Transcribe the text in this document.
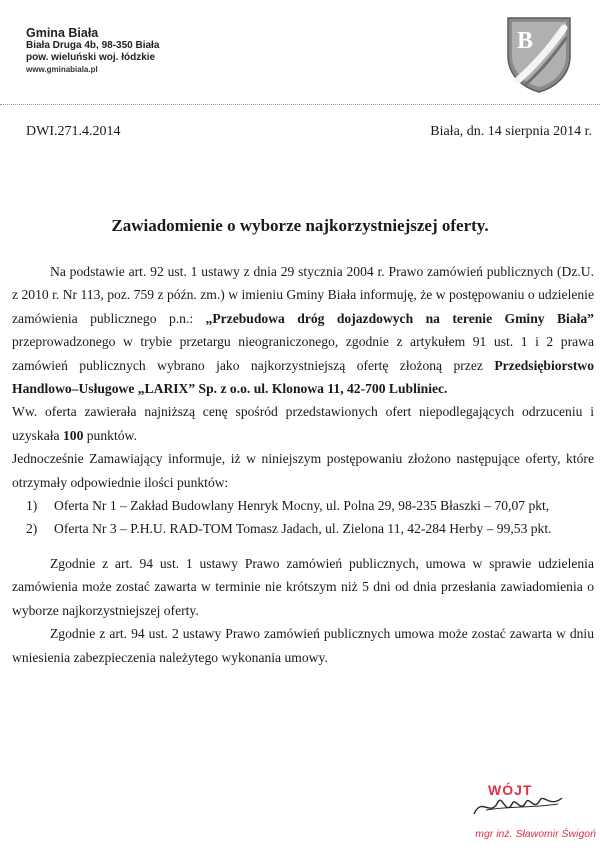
Gmina Biała
Biała Druga 4b, 98-350 Biała
pow. wieluński woj. łódzkie
www.gminabiala.pl
B
DWI.271.4.2014	Biała, dn. 14 sierpnia 2014 r.
Zawiadomienie o wyborze najkorzystniejszej oferty.

Na podstawie art. 92 ust. 1 ustawy z dnia 29 stycznia 2004 r. Prawo zamówień publicznych (Dz.U. z 2010 r. Nr 113, poz. 759 z późn. zm.) w imieniu Gminy Biała informuję, że w postępowaniu o udzielenie zamówienia publicznego p.n.: „Przebudowa dróg dojazdowych na terenie Gminy Biała” przeprowadzonego w trybie przetargu nieograniczonego, zgodnie z artykułem 91 ust. 1 i 2 prawa zamówień publicznych wybrano jako najkorzystniejszą ofertę złożoną przez Przedsiębiorstwo Handlowo–Usługowe „LARIX” Sp. z o.o. ul. Klonowa 11, 42-700 Lubliniec.

Ww. oferta zawierała najniższą cenę spośród przedstawionych ofert niepodlegających odrzuceniu i uzyskała 100 punktów.

Jednocześnie Zamawiający informuje, iż w niniejszym postępowaniu złożono następujące oferty, które otrzymały odpowiednie ilości punktów:

1)	Oferta Nr 1 – Zakład Budowlany Henryk Mocny, ul. Polna 29, 98-235 Błaszki – 70,07 pkt,
2)	Oferta Nr 3 – P.H.U. RAD-TOM Tomasz Jadach, ul. Zielona 11, 42-284 Herby – 99,53 pkt.

Zgodnie z art. 94 ust. 1 ustawy Prawo zamówień publicznych, umowa w sprawie udzielenia zamówienia może zostać zawarta w terminie nie krótszym niż 5 dni od dnia przesłania zawiadomienia o wyborze najkorzystniejszej oferty.

Zgodnie z art. 94 ust. 2 ustawy Prawo zamówień publicznych umowa może zostać zawarta w dniu wniesienia zabezpieczenia należytego wykonania umowy.

WÓJT
mgr inż. Sławomir Świgoń
